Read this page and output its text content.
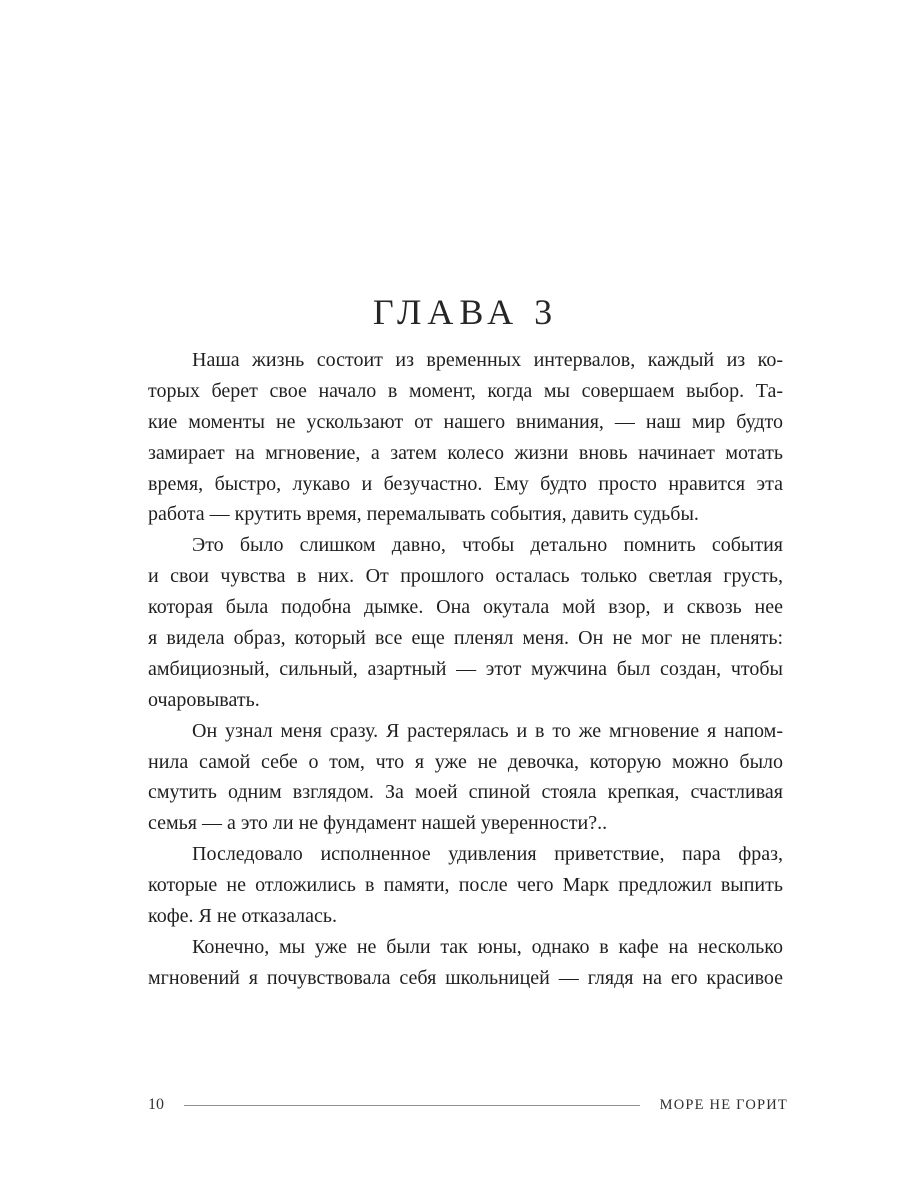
ГЛАВА 3
Наша жизнь состоит из временных интервалов, каждый из ко-
торых берет свое начало в момент, когда мы совершаем выбор. Та-
кие моменты не ускользают от нашего внимания, — наш мир будто
замирает на мгновение, а затем колесо жизни вновь начинает мотать
время, быстро, лукаво и безучастно. Ему будто просто нравится эта
работа — крутить время, перемалывать события, давить судьбы.
Это было слишком давно, чтобы детально помнить события
и свои чувства в них. От прошлого осталась только светлая грусть,
которая была подобна дымке. Она окутала мой взор, и сквозь нее
я видела образ, который все еще пленял меня. Он не мог не пленять:
амбициозный, сильный, азартный — этот мужчина был создан, чтобы
очаровывать.
Он узнал меня сразу. Я растерялась и в то же мгновение я напом-
нила самой себе о том, что я уже не девочка, которую можно было
смутить одним взглядом. За моей спиной стояла крепкая, счастливая
семья — а это ли не фундамент нашей уверенности?..
Последовало исполненное удивления приветствие, пара фраз,
которые не отложились в памяти, после чего Марк предложил выпить
кофе. Я не отказалась.
Конечно, мы уже не были так юны, однако в кафе на несколько
мгновений я почувствовала себя школьницей — глядя на его красивое
10	МОРЕ НЕ ГОРИТ
